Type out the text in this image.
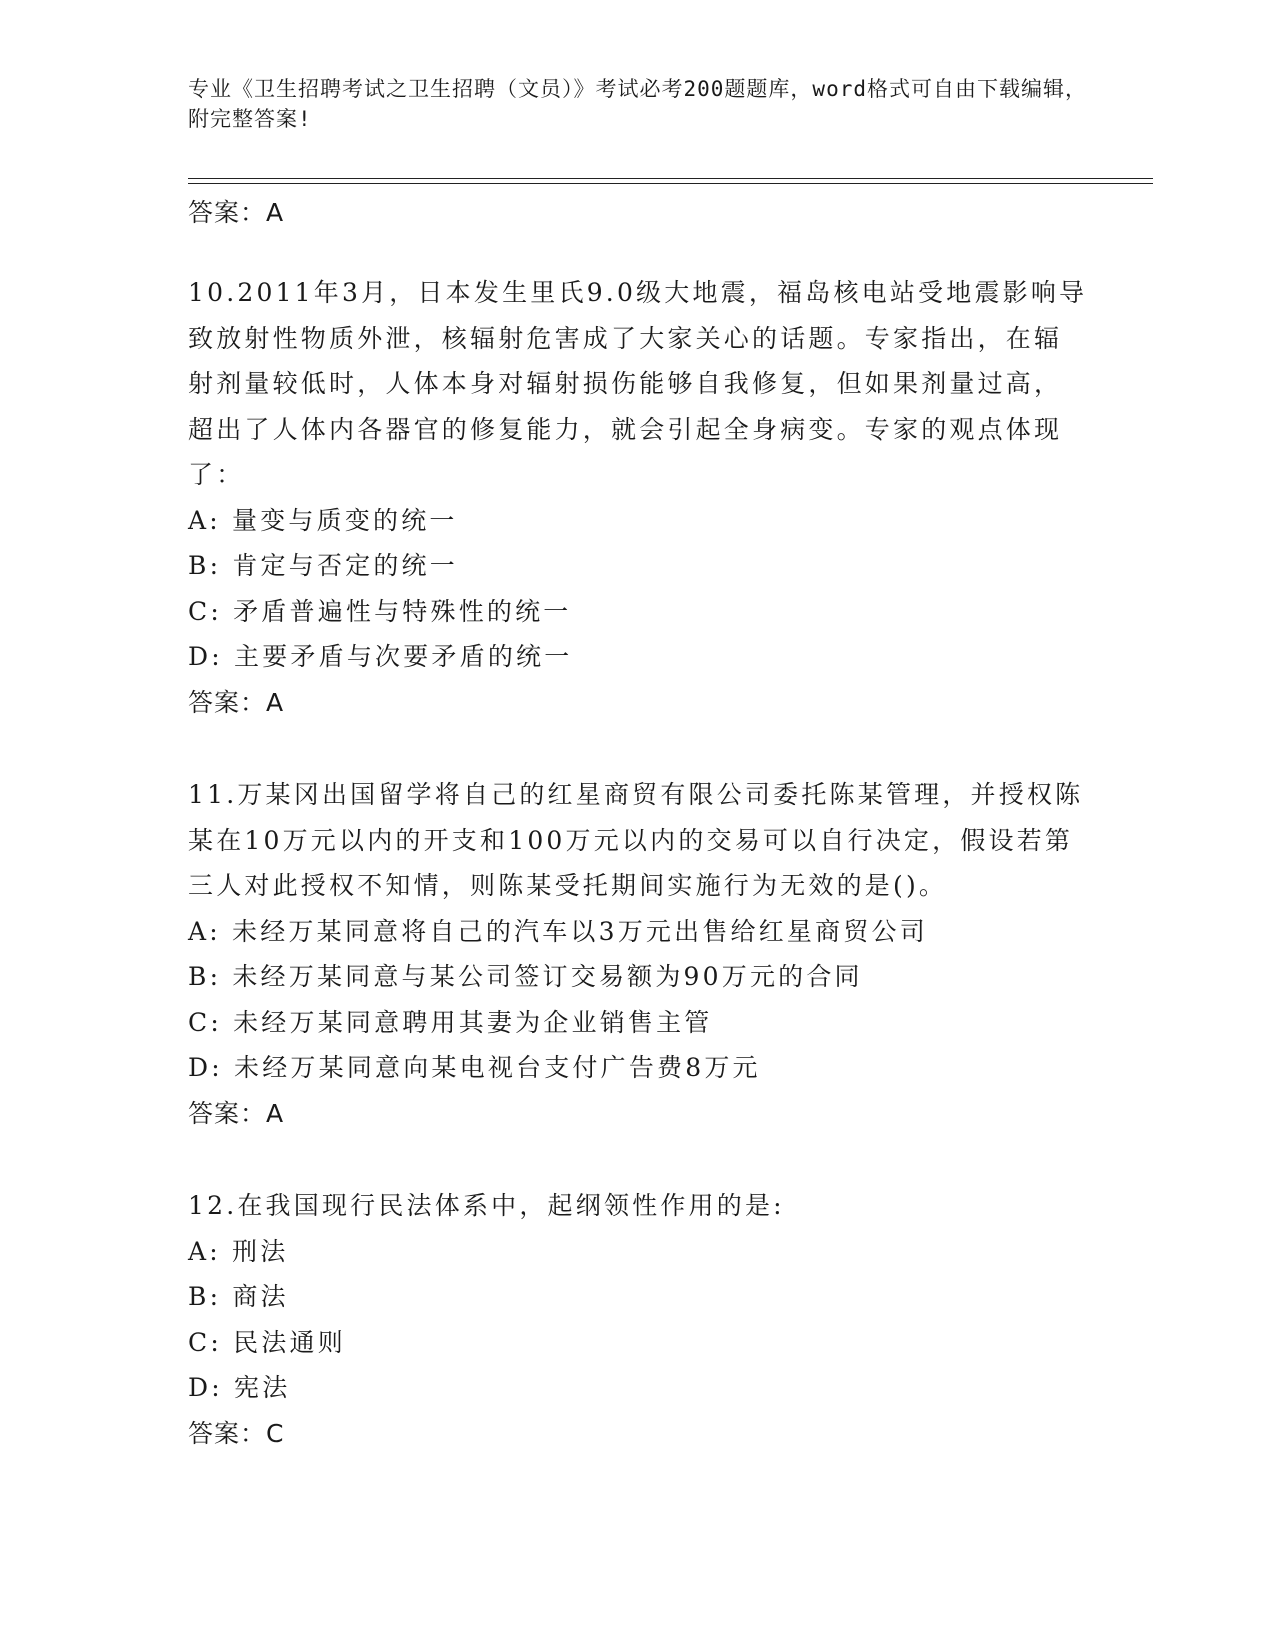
专业《卫生招聘考试之卫生招聘（文员）》考试必考200题题库，word格式可自由下载编辑，附完整答案!
答案：A
10.2011年3月，日本发生里氏9.0级大地震，福岛核电站受地震影响导致放射性物质外泄，核辐射危害成了大家关心的话题。专家指出，在辐射剂量较低时，人体本身对辐射损伤能够自我修复，但如果剂量过高，超出了人体内各器官的修复能力，就会引起全身病变。专家的观点体现了：
A: 量变与质变的统一
B: 肯定与否定的统一
C: 矛盾普遍性与特殊性的统一
D: 主要矛盾与次要矛盾的统一
答案：A
11.万某冈出国留学将自己的红星商贸有限公司委托陈某管理，并授权陈某在10万元以内的开支和100万元以内的交易可以自行决定，假设若第三人对此授权不知情，则陈某受托期间实施行为无效的是()。
A: 未经万某同意将自己的汽车以3万元出售给红星商贸公司
B: 未经万某同意与某公司签订交易额为90万元的合同
C: 未经万某同意聘用其妻为企业销售主管
D: 未经万某同意向某电视台支付广告费8万元
答案：A
12.在我国现行民法体系中，起纲领性作用的是:
A: 刑法
B: 商法
C: 民法通则
D: 宪法
答案：C
